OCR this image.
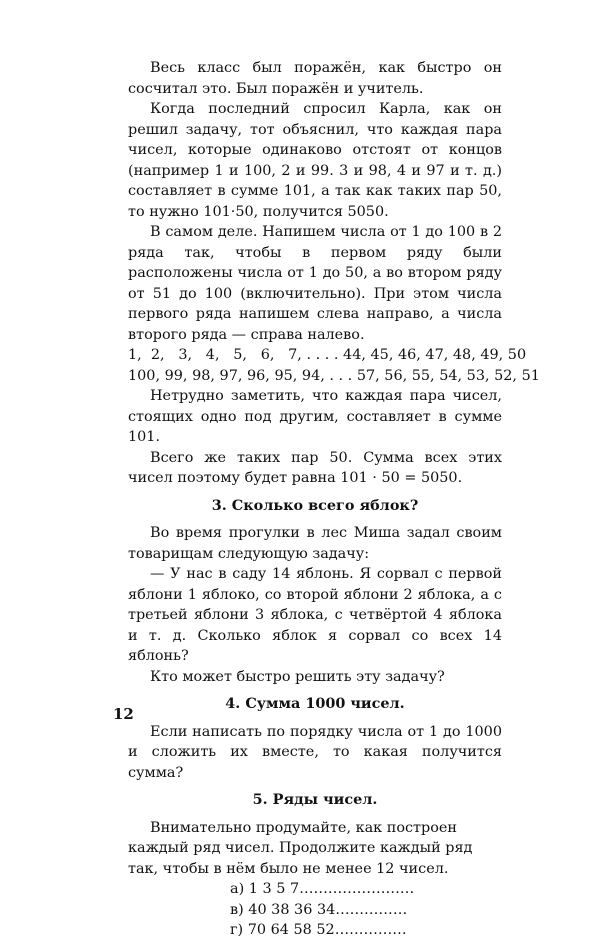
Весь класс был поражён, как быстро он сосчитал это. Был поражён и учитель.

Когда последний спросил Карла, как он решил задачу, тот объяснил, что каждая пара чисел, которые одинаково отстоят от концов (например 1 и 100, 2 и 99. 3 и 98, 4 и 97 и т. д.) составляет в сумме 101, а так как таких пар 50, то нужно 101·50, получится 5050.

В самом деле. Напишем числа от 1 до 100 в 2 ряда так, чтобы в первом ряду были расположены числа от 1 до 50, а во втором ряду от 51 до 100 (включительно). При этом числа первого ряда напишем слева направо, а числа второго ряда — справа налево.

1,  2,   3,   4,   5,   6,   7, . . . . 44, 45, 46, 47, 48, 49, 50
100, 99, 98, 97, 96, 95, 94, . . . 57, 56, 55, 54, 53, 52, 51

Нетрудно заметить, что каждая пара чисел, стоящих одно под другим, составляет в сумме 101.

Всего же таких пар 50. Сумма всех этих чисел поэтому будет равна 101 · 50 = 5050.

3. Сколько всего яблок?

Во время прогулки в лес Миша задал своим товарищам следующую задачу:

— У нас в саду 14 яблонь. Я сорвал с первой яблони 1 яблоко, со второй яблони 2 яблока, а с третьей яблони 3 яблока, с четвёртой 4 яблока и т. д. Сколько яблок я сорвал со всех 14 яблонь?

Кто может быстро решить эту задачу?

4. Сумма 1000 чисел.

Если написать по порядку числа от 1 до 1000 и сложить их вместе, то какая получится сумма?

5. Ряды чисел.

Внимательно продумайте, как построен каждый ряд чисел. Продолжите каждый ряд так, чтобы в нём было не менее 12 чисел.

а) 1 3 5 7……………………
в) 40 38 36 34……………
г) 70 64 58 52……………
12
